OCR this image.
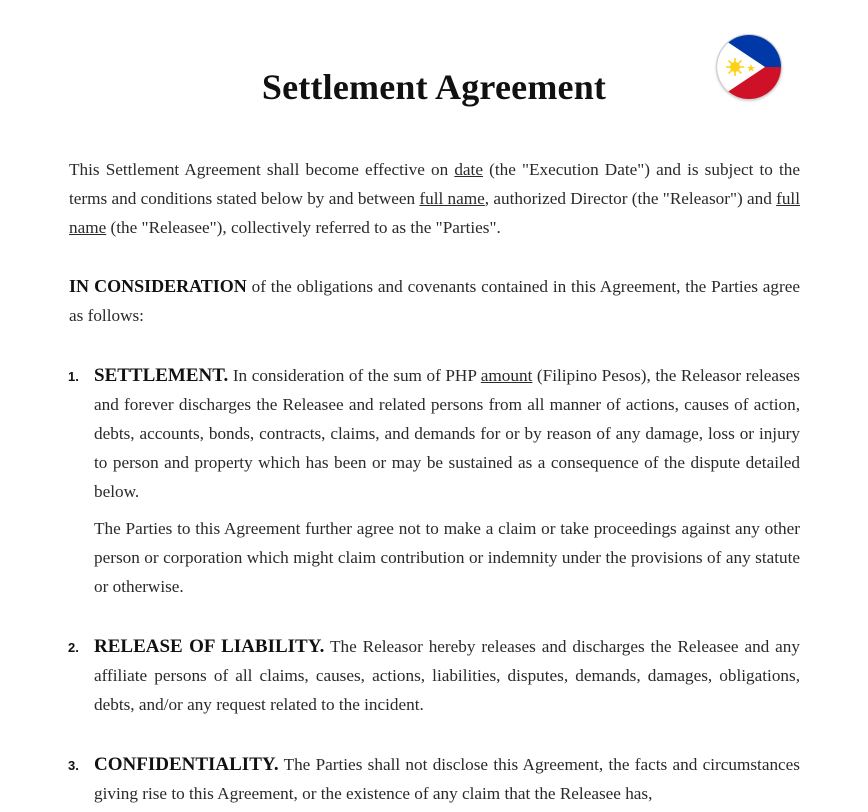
Settlement Agreement

This Settlement Agreement shall become effective on date (the "Execution Date") and is subject to the terms and conditions stated below by and between full name, authorized Director (the "Releasor") and full name (the "Releasee"), collectively referred to as the "Parties".

IN CONSIDERATION of the obligations and covenants contained in this Agreement, the Parties agree as follows:

1. SETTLEMENT. In consideration of the sum of PHP amount (Filipino Pesos), the Releasor releases and forever discharges the Releasee and related persons from all manner of actions, causes of action, debts, accounts, bonds, contracts, claims, and demands for or by reason of any damage, loss or injury to person and property which has been or may be sustained as a consequence of the dispute detailed below.

The Parties to this Agreement further agree not to make a claim or take proceedings against any other person or corporation which might claim contribution or indemnity under the provisions of any statute or otherwise.

2. RELEASE OF LIABILITY. The Releasor hereby releases and discharges the Releasee and any affiliate persons of all claims, causes, actions, liabilities, disputes, demands, damages, obligations, debts, and/or any request related to the incident.

3. CONFIDENTIALITY. The Parties shall not disclose this Agreement, the facts and circumstances giving rise to this Agreement, or the existence of any claim that the Releasee has,
